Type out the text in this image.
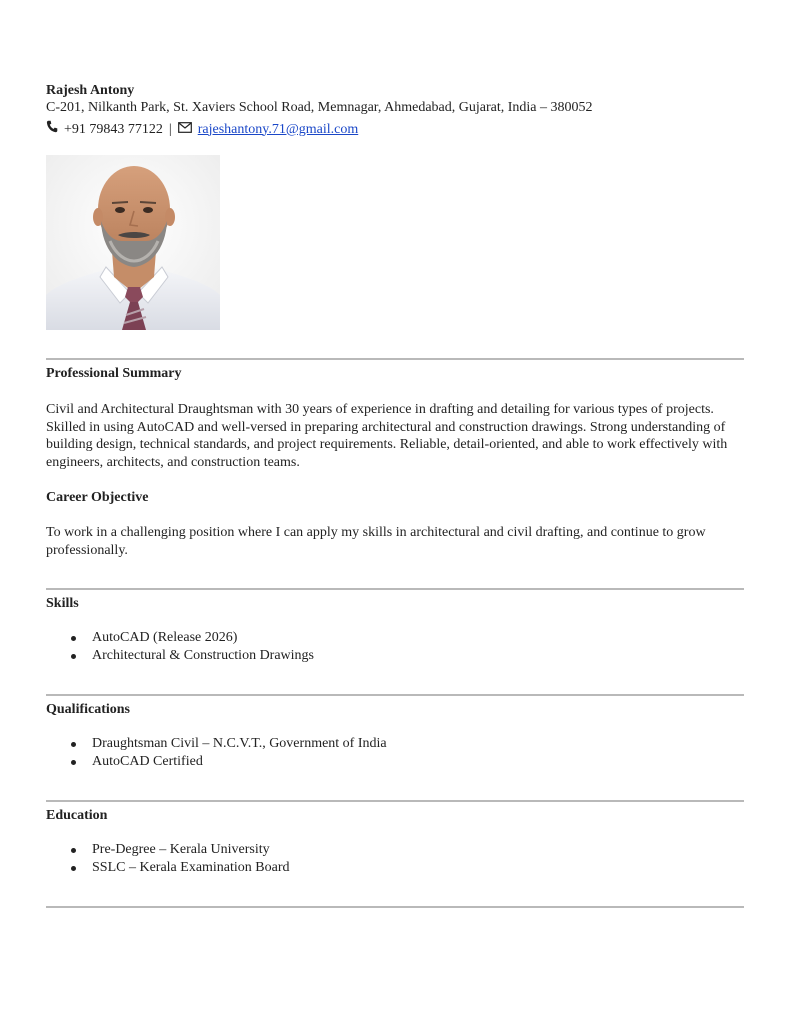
Rajesh Antony
C-201, Nilkanth Park, St. Xaviers School Road, Memnagar, Ahmedabad, Gujarat, India – 380052
+91 79843 77122 | rajeshantony.71@gmail.com
Professional Summary
Civil and Architectural Draughtsman with 30 years of experience in drafting and detailing for various types of projects. Skilled in using AutoCAD and well-versed in preparing architectural and construction drawings. Strong understanding of building design, technical standards, and project requirements. Reliable, detail-oriented, and able to work effectively with engineers, architects, and construction teams.
Career Objective
To work in a challenging position where I can apply my skills in architectural and civil drafting, and continue to grow professionally.
Skills
AutoCAD (Release 2026)
Architectural & Construction Drawings
Qualifications
Draughtsman Civil – N.C.V.T., Government of India
AutoCAD Certified
Education
Pre-Degree – Kerala University
SSLC – Kerala Examination Board
